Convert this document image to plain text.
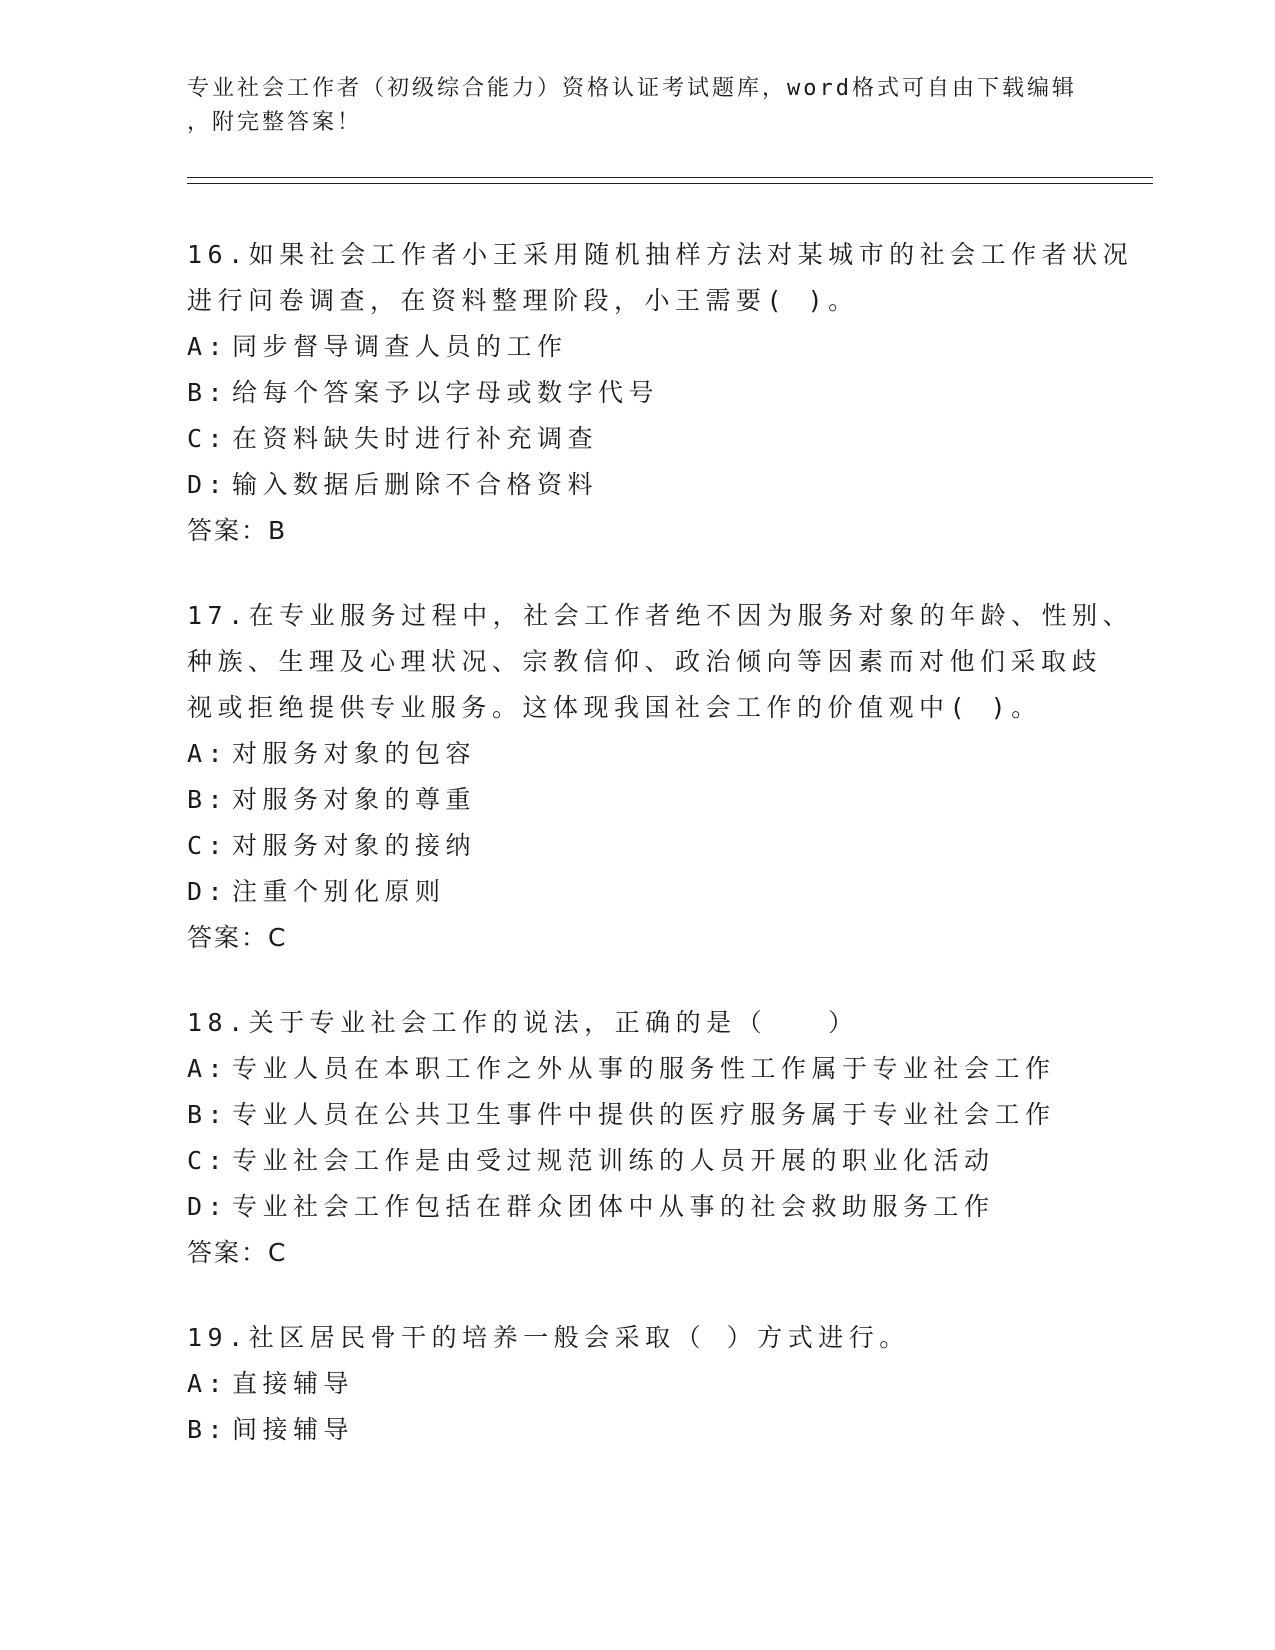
专业社会工作者（初级综合能力）资格认证考试题库，word格式可自由下载编辑
，附完整答案！
16.如果社会工作者小王采用随机抽样方法对某城市的社会工作者状况
进行问卷调查，在资料整理阶段，小王需要( )。
A: 同步督导调查人员的工作
B: 给每个答案予以字母或数字代号
C: 在资料缺失时进行补充调查
D: 输入数据后删除不合格资料
答案：B
17.在专业服务过程中，社会工作者绝不因为服务对象的年龄、性别、
种族、生理及心理状况、宗教信仰、政治倾向等因素而对他们采取歧
视或拒绝提供专业服务。这体现我国社会工作的价值观中( )。
A: 对服务对象的包容
B: 对服务对象的尊重
C: 对服务对象的接纳
D: 注重个别化原则
答案：C
18.关于专业社会工作的说法，正确的是（　　）
A: 专业人员在本职工作之外从事的服务性工作属于专业社会工作
B: 专业人员在公共卫生事件中提供的医疗服务属于专业社会工作
C: 专业社会工作是由受过规范训练的人员开展的职业化活动
D: 专业社会工作包括在群众团体中从事的社会救助服务工作
答案：C
19.社区居民骨干的培养一般会采取（ ）方式进行。
A: 直接辅导
B: 间接辅导
